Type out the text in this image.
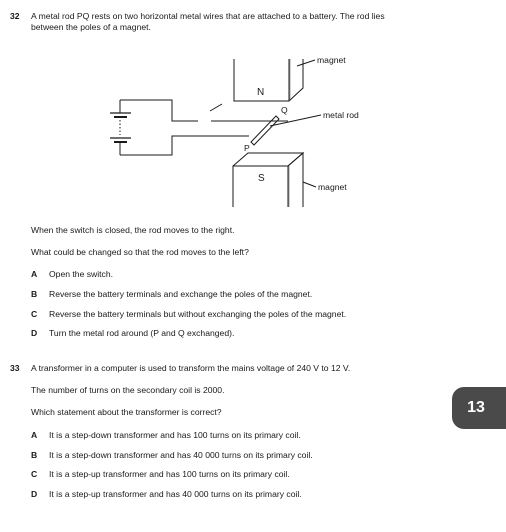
32 A metal rod PQ rests on two horizontal metal wires that are attached to a battery. The rod lies
between the poles of a magnet.
magnet
N
Q	metal rod
P
S
magnet
When the switch is closed, the rod moves to the right.
What could be changed so that the rod moves to the left?
A Open the switch.
B Reverse the battery terminals and exchange the poles of the magnet.
C Reverse the battery terminals but without exchanging the poles of the magnet.
D Turn the metal rod around (P and Q exchanged).
33 A transformer in a computer is used to transform the mains voltage of 240 V to 12 V.
The number of turns on the secondary coil is 2000.
Which statement about the transformer is correct?
A It is a step-down transformer and has 100 turns on its primary coil.
B It is a step-down transformer and has 40 000 turns on its primary coil.
C It is a step-up transformer and has 100 turns on its primary coil.
D It is a step-up transformer and has 40 000 turns on its primary coil.
13
